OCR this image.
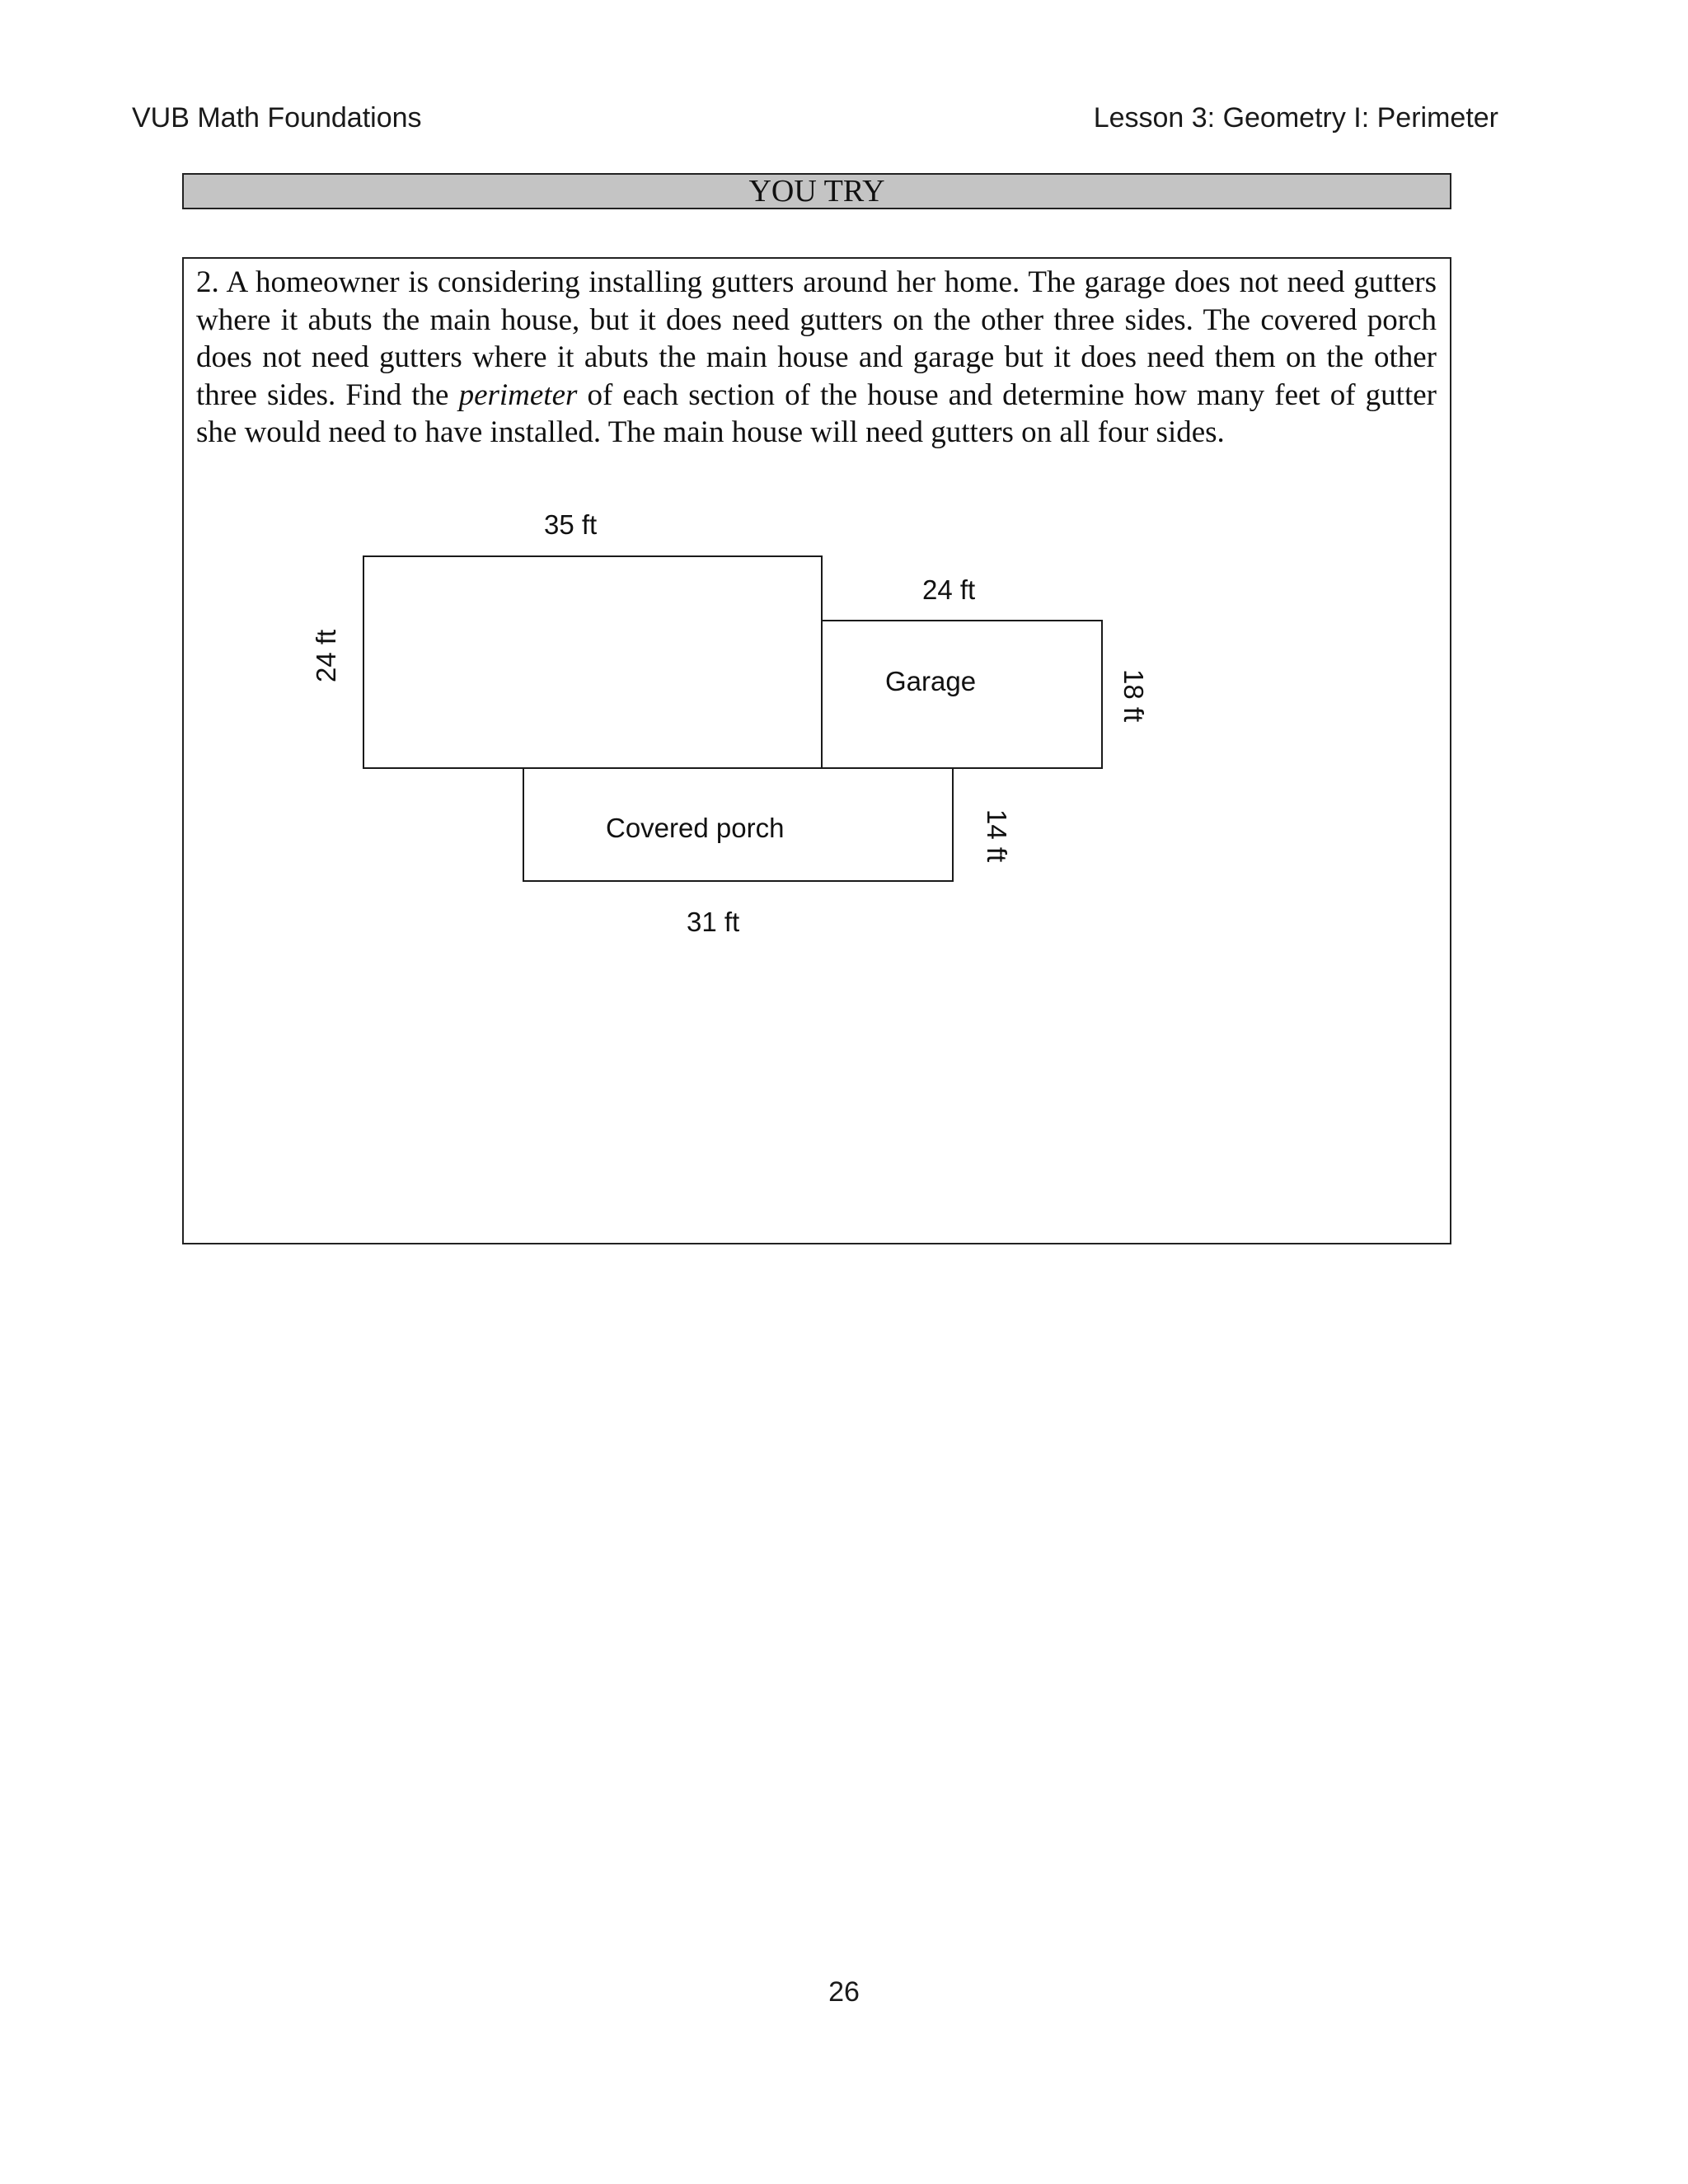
VUB Math Foundations	Lesson 3: Geometry I: Perimeter
YOU TRY
2. A homeowner is considering installing gutters around her home. The garage does not need gutters where it abuts the main house, but it does need gutters on the other three sides. The covered porch does not need gutters where it abuts the main house and garage but it does need them on the other three sides. Find the perimeter of each section of the house and determine how many feet of gutter she would need to have installed. The main house will need gutters on all four sides.
35 ft
24 ft
24 ft
Garage	18 ft
Covered porch	14 ft
31 ft
26
